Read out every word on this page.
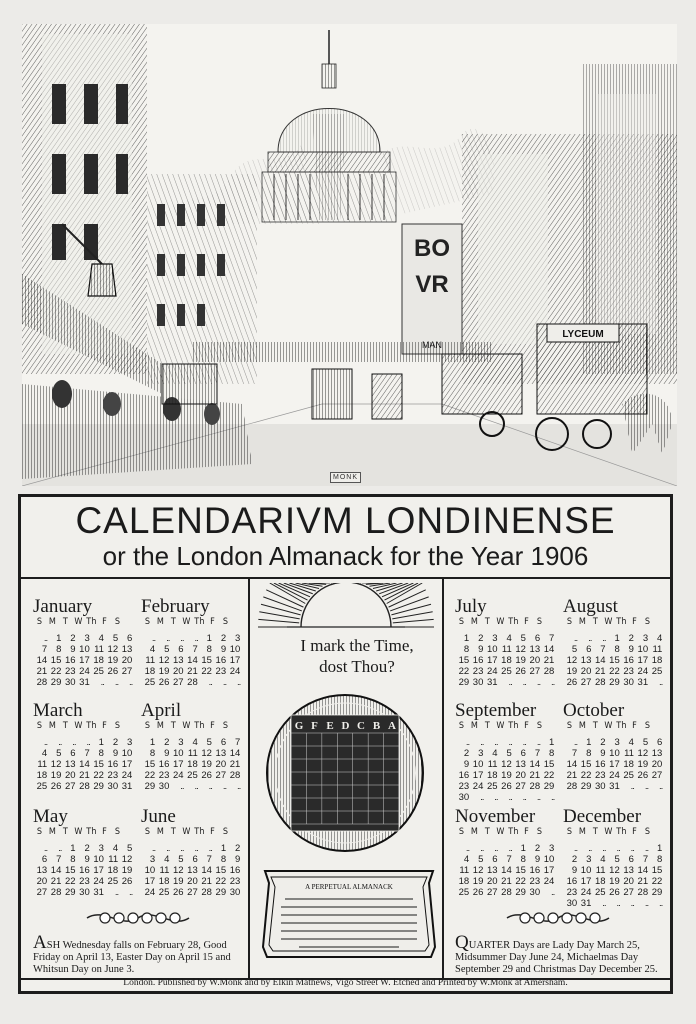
BO
VR
LYCEUM
MONK
CALENDARIVM LONDINENSE
or the London Almanack for the Year 1906
January
S M T W Th F S
.. 1 2 3 4 5 6
7 8 9 10 11 12 13
14 15 16 17 18 19 20
21 22 23 24 25 26 27
28 29 30 31 .. .. ..
February
S M T W Th F S
.. .. .. .. 1 2 3
4 5 6 7 8 9 10
11 12 13 14 15 16 17
18 19 20 21 22 23 24
25 26 27 28 .. .. ..
March
S M T W Th F S
.. .. .. .. 1 2 3
4 5 6 7 8 9 10
11 12 13 14 15 16 17
18 19 20 21 22 23 24
25 26 27 28 29 30 31
April
S M T W Th F S
1 2 3 4 5 6 7
8 9 10 11 12 13 14
15 16 17 18 19 20 21
22 23 24 25 26 27 28
29 30 .. .. .. .. ..
May
S M T W Th F S
.. .. 1 2 3 4 5
6 7 8 9 10 11 12
13 14 15 16 17 18 19
20 21 22 23 24 25 26
27 28 29 30 31 .. ..
June
S M T W Th F S
.. .. .. .. .. 1 2
3 4 5 6 7 8 9
10 11 12 13 14 15 16
17 18 19 20 21 22 23
24 25 26 27 28 29 30
July
S M T W Th F S
1 2 3 4 5 6 7
8 9 10 11 12 13 14
15 16 17 18 19 20 21
22 23 24 25 26 27 28
29 30 31 .. .. .. ..
August
S M T W Th F S
.. .. .. 1 2 3 4
5 6 7 8 9 10 11
12 13 14 15 16 17 18
19 20 21 22 23 24 25
26 27 28 29 30 31 ..
September
S M T W Th F S
.. .. .. .. .. .. 1
2 3 4 5 6 7 8
9 10 11 12 13 14 15
16 17 18 19 20 21 22
23 24 25 26 27 28 29
30 .. .. .. .. .. ..
October
S M T W Th F S
.. 1 2 3 4 5 6
7 8 9 10 11 12 13
14 15 16 17 18 19 20
21 22 23 24 25 26 27
28 29 30 31 .. .. ..
November
S M T W Th F S
.. .. .. .. 1 2 3
4 5 6 7 8 9 10
11 12 13 14 15 16 17
18 19 20 21 22 23 24
25 26 27 28 29 30 ..
December
S M T W Th F S
.. .. .. .. .. .. 1
2 3 4 5 6 7 8
9 10 11 12 13 14 15
16 17 18 19 20 21 22
23 24 25 26 27 28 29
30 31 .. .. .. .. ..
I mark the Time,
dost Thou?
G F E D C B A
A PERPETUAL ALMANACK
ASH Wednesday falls on February 28, Good Friday on April 13, Easter Day on April 15 and Whitsun Day on June 3.
QUARTER Days are Lady Day March 25, Midsummer Day June 24, Michaelmas Day September 29 and Christmas Day December 25.
London. Published by W.Monk and by Elkin Mathews, Vigo Street W. Etched and Printed by W.Monk at Amersham.
